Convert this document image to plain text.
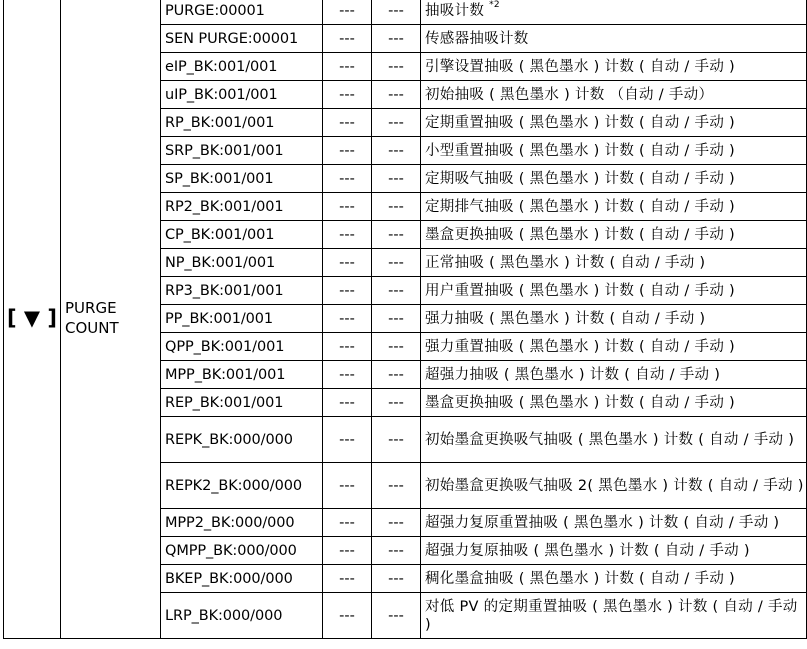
[ ▼ ]	PURGE COUNT	PURGE:00001	---	---	抽吸计数 $^{*2}$
		SEN PURGE:00001	---	---	传感器抽吸计数
		eIP_BK:001/001	---	---	引擎设置抽吸 ( 黑色墨水 ) 计数 ( 自动 / 手动 )
		uIP_BK:001/001	---	---	初始抽吸 ( 黑色墨水 ) 计数 （自动 / 手动）
		RP_BK:001/001	---	---	定期重置抽吸 ( 黑色墨水 ) 计数 ( 自动 / 手动 )
		SRP_BK:001/001	---	---	小型重置抽吸 ( 黑色墨水 ) 计数 ( 自动 / 手动 )
		SP_BK:001/001	---	---	定期吸气抽吸 ( 黑色墨水 ) 计数 ( 自动 / 手动 )
		RP2_BK:001/001	---	---	定期排气抽吸 ( 黑色墨水 ) 计数 ( 自动 / 手动 )
		CP_BK:001/001	---	---	墨盒更换抽吸 ( 黑色墨水 ) 计数 ( 自动 / 手动 )
		NP_BK:001/001	---	---	正常抽吸 ( 黑色墨水 ) 计数 ( 自动 / 手动 )
		RP3_BK:001/001	---	---	用户重置抽吸 ( 黑色墨水 ) 计数 ( 自动 / 手动 )
		PP_BK:001/001	---	---	强力抽吸 ( 黑色墨水 ) 计数 ( 自动 / 手动 )
		QPP_BK:001/001	---	---	强力重置抽吸 ( 黑色墨水 ) 计数 ( 自动 / 手动 )
		MPP_BK:001/001	---	---	超强力抽吸 ( 黑色墨水 ) 计数 ( 自动 / 手动 )
		REP_BK:001/001	---	---	墨盒更换抽吸 ( 黑色墨水 ) 计数 ( 自动 / 手动 )
		REPK_BK:000/000	---	---	初始墨盒更换吸气抽吸 ( 黑色墨水 ) 计数 ( 自动 / 手动 )
		REPK2_BK:000/000	---	---	初始墨盒更换吸气抽吸 2( 黑色墨水 ) 计数 ( 自动 / 手动 )
		MPP2_BK:000/000	---	---	超强力复原重置抽吸 ( 黑色墨水 ) 计数 ( 自动 / 手动 )
		QMPP_BK:000/000	---	---	超强力复原抽吸 ( 黑色墨水 ) 计数 ( 自动 / 手动 )
		BKEP_BK:000/000	---	---	稠化墨盒抽吸 ( 黑色墨水 ) 计数 ( 自动 / 手动 )
		LRP_BK:000/000	---	---	对低 PV 的定期重置抽吸 ( 黑色墨水 ) 计数 ( 自动 / 手动 )
